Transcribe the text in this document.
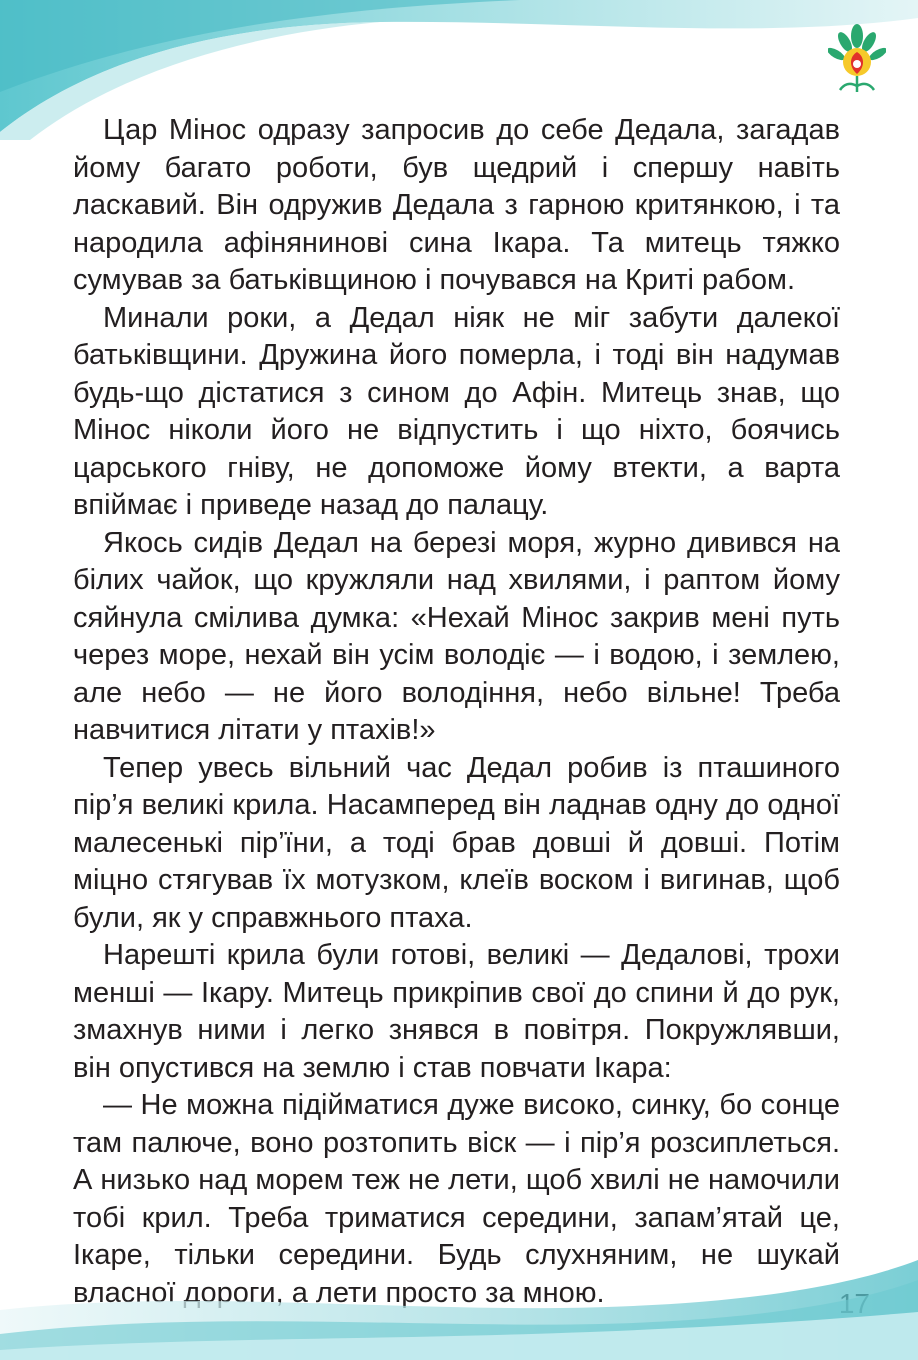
Цар Мінос одразу запросив до себе Дедала, загадав йому багато роботи, був щедрий і спершу навіть ласкавий. Він одружив Дедала з гарною критянкою, і та народила афінянинові сина Ікара. Та митець тяжко сумував за батьківщиною і почувався на Криті рабом.

Минали роки, а Дедал ніяк не міг забути далекої батьківщини. Дружина його померла, і тоді він надумав будь-що дістатися з сином до Афін. Митець знав, що Мінос ніколи його не відпустить і що ніхто, боячись царського гніву, не допоможе йому втекти, а варта впіймає і приведе назад до палацу.

Якось сидів Дедал на березі моря, журно дивився на білих чайок, що кружляли над хвилями, і раптом йому сяйнула смілива думка: «Нехай Мінос закрив мені путь через море, нехай він усім володіє — і водою, і землею, але небо — не його володіння, небо вільне! Треба навчитися літати у птахів!»

Тепер увесь вільний час Дедал робив із пташиного пір’я великі крила. Насамперед він ладнав одну до одної малесенькі пір’їни, а тоді брав довші й довші. Потім міцно стягував їх мотузком, клеїв воском і вигинав, щоб були, як у справжнього птаха.

Нарешті крила були готові, великі — Дедалові, трохи менші — Ікару. Митець прикріпив свої до спини й до рук, змахнув ними і легко знявся в повітря. Покружлявши, він опустився на землю і став повчати Ікара:

— Не можна підійматися дуже високо, синку, бо сонце там палюче, воно розтопить віск — і пір’я розсиплеться. А низько над морем теж не лети, щоб хвилі не намочили тобі крил. Треба триматися середини, запам’ятай це, Ікаре, тільки середини. Будь слухняним, не шукай власної дороги, а лети просто за мною.
